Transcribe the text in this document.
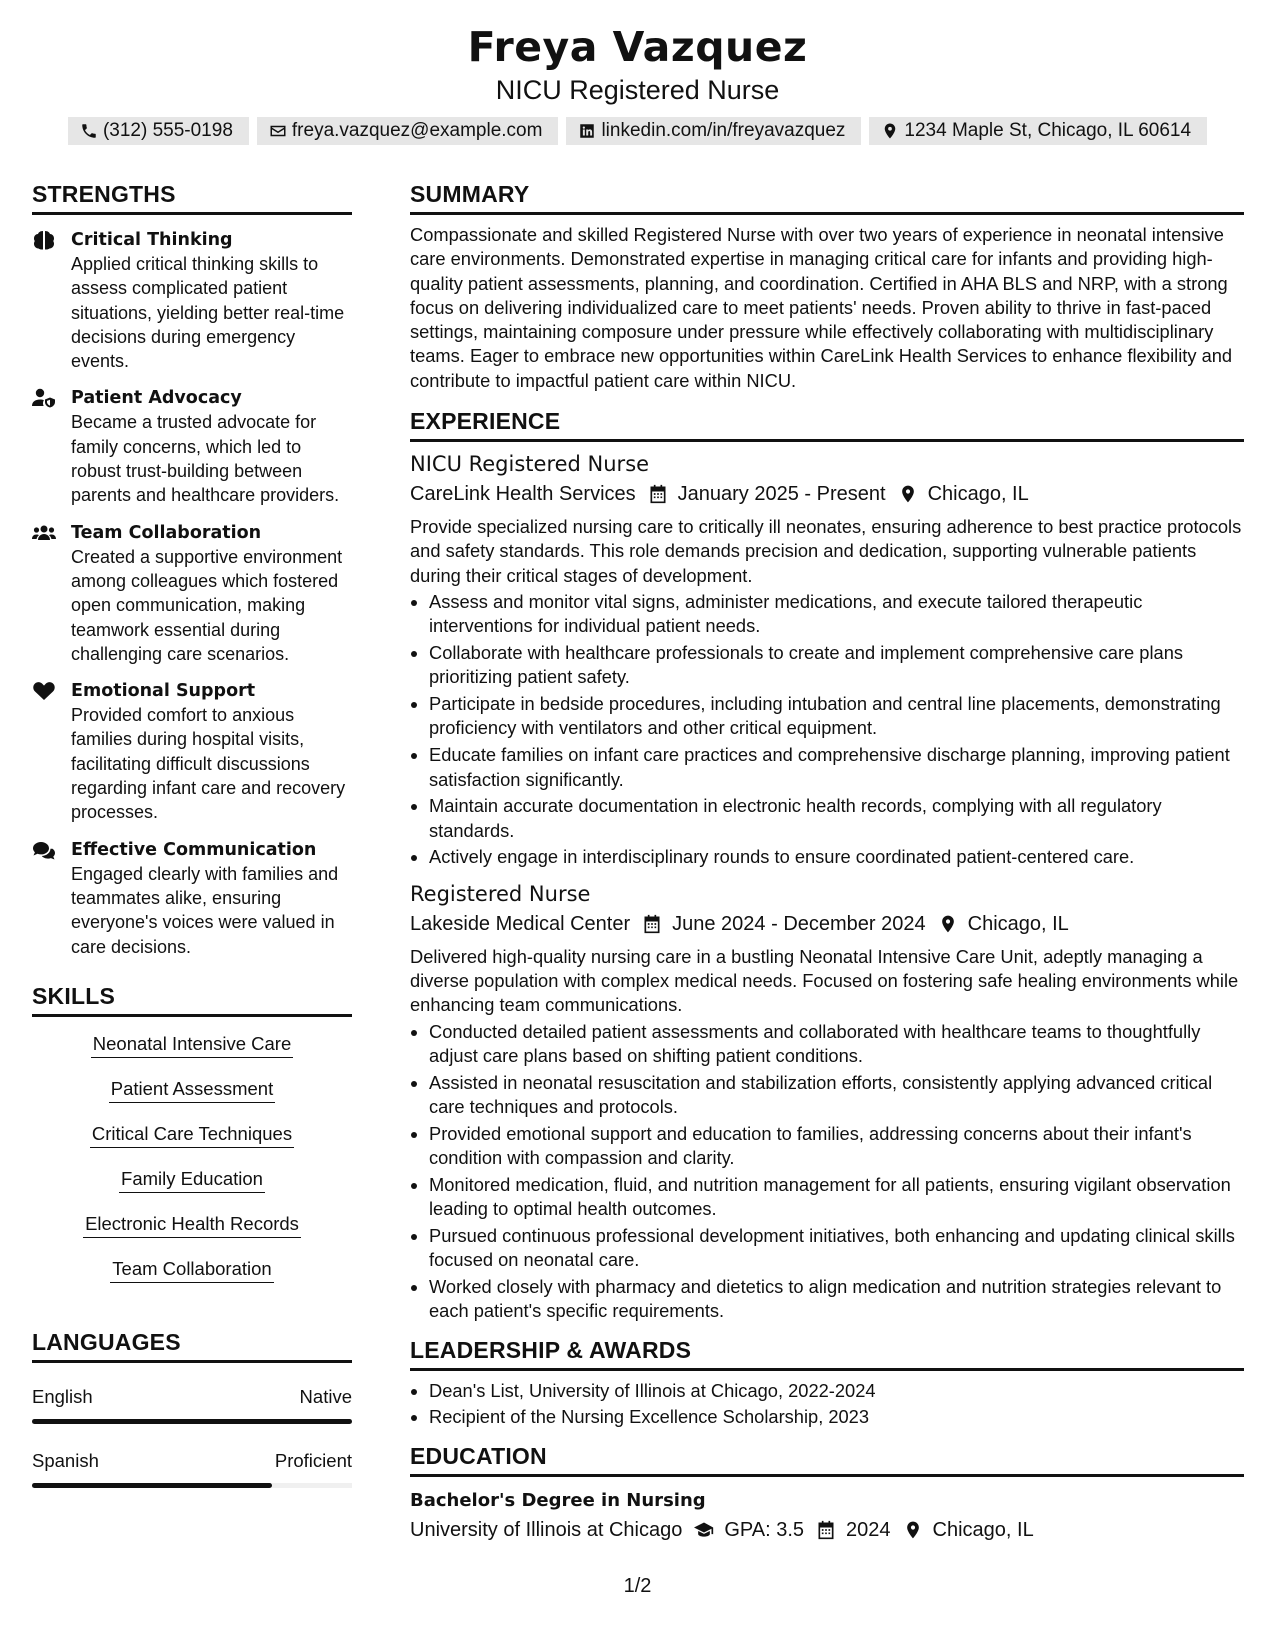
Freya Vazquez
NICU Registered Nurse
(312) 555-0198	freya.vazquez@example.com	linkedin.com/in/freyavazquez	1234 Maple St, Chicago, IL 60614
STRENGTHS
Critical Thinking
Applied critical thinking skills to assess complicated patient situations, yielding better real-time decisions during emergency events.
Patient Advocacy
Became a trusted advocate for family concerns, which led to robust trust-building between parents and healthcare providers.
Team Collaboration
Created a supportive environment among colleagues which fostered open communication, making teamwork essential during challenging care scenarios.
Emotional Support
Provided comfort to anxious families during hospital visits, facilitating difficult discussions regarding infant care and recovery processes.
Effective Communication
Engaged clearly with families and teammates alike, ensuring everyone's voices were valued in care decisions.
SKILLS
Neonatal Intensive Care
Patient Assessment
Critical Care Techniques
Family Education
Electronic Health Records
Team Collaboration
LANGUAGES
English	Native
Spanish	Proficient
SUMMARY
Compassionate and skilled Registered Nurse with over two years of experience in neonatal intensive care environments. Demonstrated expertise in managing critical care for infants and providing high-quality patient assessments, planning, and coordination. Certified in AHA BLS and NRP, with a strong focus on delivering individualized care to meet patients' needs. Proven ability to thrive in fast-paced settings, maintaining composure under pressure while effectively collaborating with multidisciplinary teams. Eager to embrace new opportunities within CareLink Health Services to enhance flexibility and contribute to impactful patient care within NICU.
EXPERIENCE
NICU Registered Nurse
CareLink Health Services January 2025 - Present Chicago, IL
Provide specialized nursing care to critically ill neonates, ensuring adherence to best practice protocols and safety standards. This role demands precision and dedication, supporting vulnerable patients during their critical stages of development.
Assess and monitor vital signs, administer medications, and execute tailored therapeutic interventions for individual patient needs.
Collaborate with healthcare professionals to create and implement comprehensive care plans prioritizing patient safety.
Participate in bedside procedures, including intubation and central line placements, demonstrating proficiency with ventilators and other critical equipment.
Educate families on infant care practices and comprehensive discharge planning, improving patient satisfaction significantly.
Maintain accurate documentation in electronic health records, complying with all regulatory standards.
Actively engage in interdisciplinary rounds to ensure coordinated patient-centered care.
Registered Nurse
Lakeside Medical Center June 2024 - December 2024 Chicago, IL
Delivered high-quality nursing care in a bustling Neonatal Intensive Care Unit, adeptly managing a diverse population with complex medical needs. Focused on fostering safe healing environments while enhancing team communications.
Conducted detailed patient assessments and collaborated with healthcare teams to thoughtfully adjust care plans based on shifting patient conditions.
Assisted in neonatal resuscitation and stabilization efforts, consistently applying advanced critical care techniques and protocols.
Provided emotional support and education to families, addressing concerns about their infant's condition with compassion and clarity.
Monitored medication, fluid, and nutrition management for all patients, ensuring vigilant observation leading to optimal health outcomes.
Pursued continuous professional development initiatives, both enhancing and updating clinical skills focused on neonatal care.
Worked closely with pharmacy and dietetics to align medication and nutrition strategies relevant to each patient's specific requirements.
LEADERSHIP & AWARDS
Dean's List, University of Illinois at Chicago, 2022-2024
Recipient of the Nursing Excellence Scholarship, 2023
EDUCATION
Bachelor's Degree in Nursing
University of Illinois at Chicago GPA: 3.5 2024 Chicago, IL
1/2
